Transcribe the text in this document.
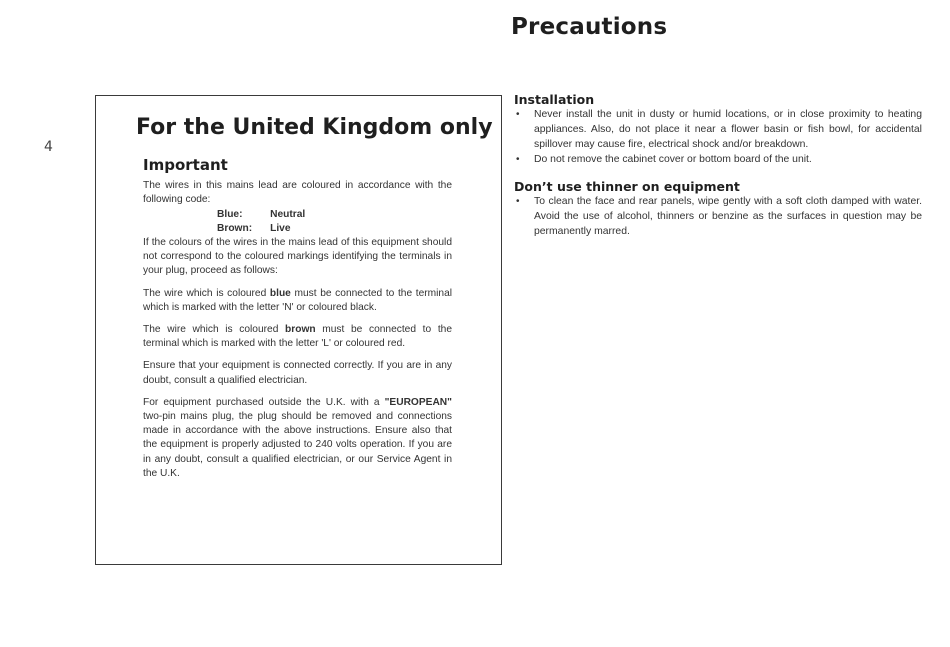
4
Precautions
For the United Kingdom only
Important

The wires in this mains lead are coloured in accordance with the following code:

Blue:	Neutral
Brown:	Live

If the colours of the wires in the mains lead of this equipment should not correspond to the coloured markings identifying the terminals in your plug, proceed as follows:

The wire which is coloured blue must be connected to the terminal which is marked with the letter 'N' or coloured black.

The wire which is coloured brown must be connected to the terminal which is marked with the letter 'L' or coloured red.

Ensure that your equipment is connected correctly. If you are in any doubt, consult a qualified electrician.

For equipment purchased outside the U.K. with a "EUROPEAN" two-pin mains plug, the plug should be removed and connections made in accordance with the above instructions. Ensure also that the equipment is properly adjusted to 240 volts operation. If you are in any doubt, consult a qualified electrician, or our Service Agent in the U.K.

Installation
• Never install the unit in dusty or humid locations, or in close proximity to heating appliances. Also, do not place it near a flower basin or fish bowl, for accidental spillover may cause fire, electrical shock and/or breakdown.
• Do not remove the cabinet cover or bottom board of the unit.
Don’t use thinner on equipment
• To clean the face and rear panels, wipe gently with a soft cloth damped with water. Avoid the use of alcohol, thinners or benzine as the surfaces in question may be permanently marred.
